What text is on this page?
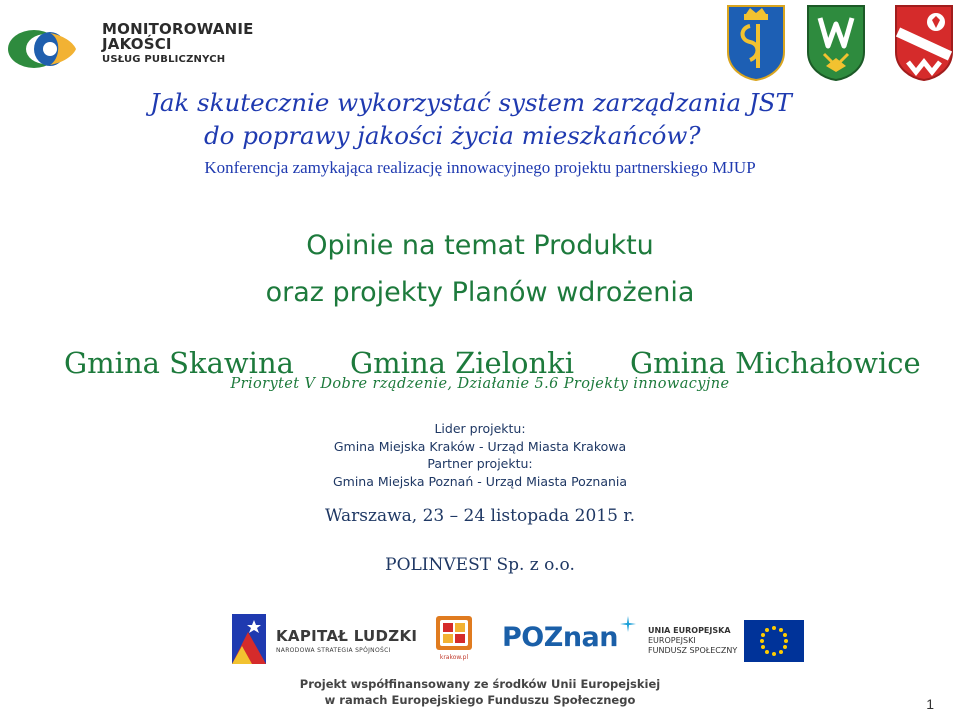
MONITOROWANIE
JAKOŚCI
USŁUG PUBLICZNYCH
Jak skutecznie wykorzystać system zarządzania JST
do poprawy jakości życia mieszkańców?
Konferencja zamykająca realizację innowacyjnego projektu partnerskiego MJUP
Opinie na temat Produktu
oraz projekty Planów wdrożenia
Gmina Skawina Gmina Zielonki Gmina Michałowice
Priorytet V Dobre rządzenie, Działanie 5.6 Projekty innowacyjne
Lider projektu:
Gmina Miejska Kraków - Urząd Miasta Krakowa
Partner projektu:
Gmina Miejska Poznań - Urząd Miasta Poznania
Warszawa, 23 – 24 listopada 2015 r.
POLINVEST Sp. z o.o.
KAPITAŁ LUDZKI
NARODOWA STRATEGIA SPÓJNOŚCI
krakow.pl
POZnan	UNIA EUROPEJSKA
EUROPEJSKI
FUNDUSZ SPOŁECZNY
Projekt współfinansowany ze środków Unii Europejskiej
w ramach Europejskiego Funduszu Społecznego	1
